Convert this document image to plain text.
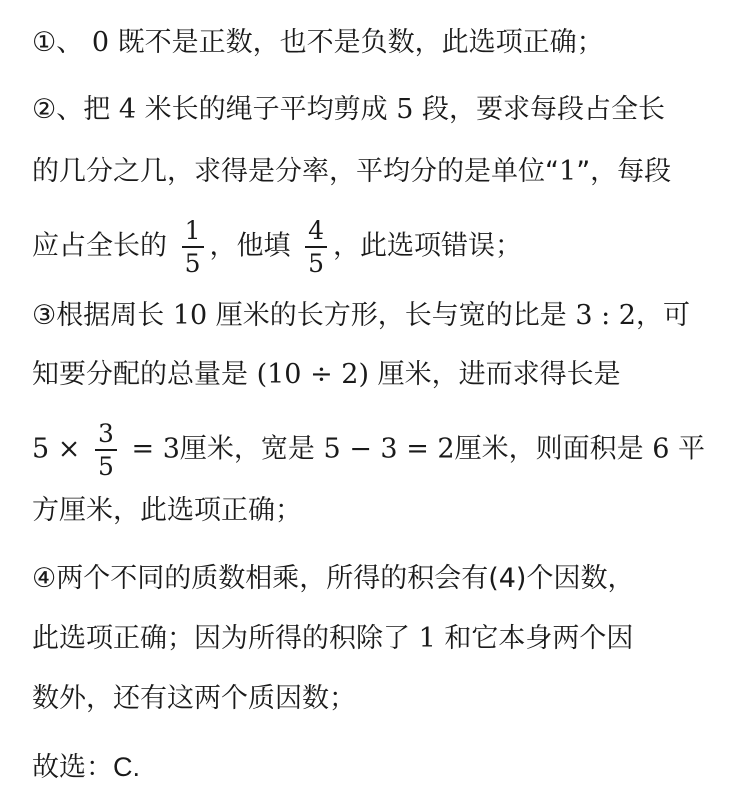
①、 0 既不是正数，也不是负数，此选项正确；
②、把 4 米长的绳子平均剪成 5 段，要求每段占全长
的几分之几，求得是分率，平均分的是单位“1”，每段
应占全长的 $\frac{1}{5}$ ，他填 $\frac{4}{5}$ ，此选项错误；
③根据周长 10 厘米的长方形，长与宽的比是 3 : 2，可
知要分配的总量是 (10 ÷ 2) 厘米，进而求得长是
$5 \times \frac{3}{5} = 3$厘米，宽是 5 − 3 = 2厘米，则面积是 6 平
方厘米，此选项正确；
④两个不同的质数相乘，所得的积会有(4)个因数，
此选项正确；因为所得的积除了 1 和它本身两个因
数外，还有这两个质因数；
故选：C.
